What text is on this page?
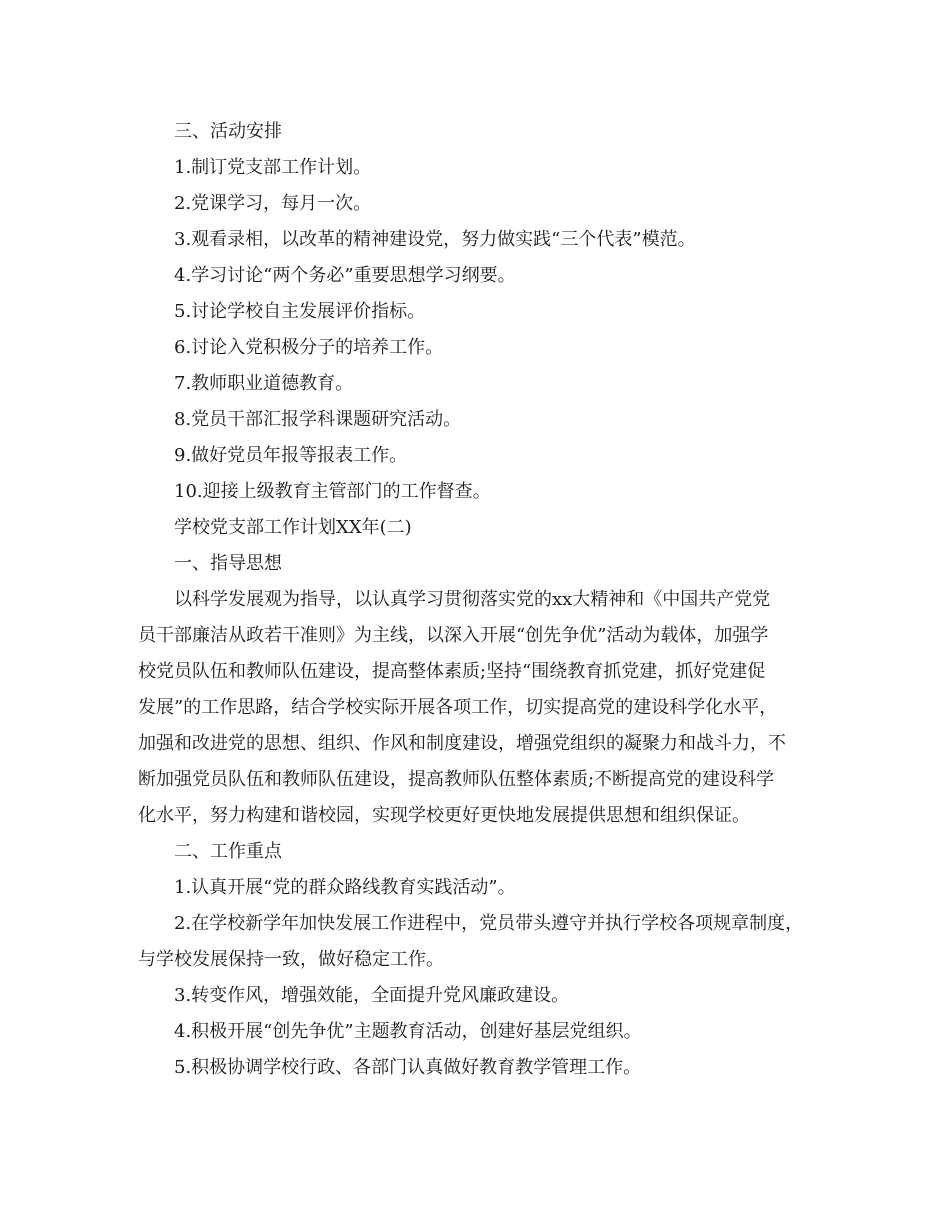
三、活动安排

1.制订党支部工作计划。

2.党课学习，每月一次。

3.观看录相，以改革的精神建设党，努力做实践“三个代表”模范。

4.学习讨论“两个务必”重要思想学习纲要。

5.讨论学校自主发展评价指标。

6.讨论入党积极分子的培养工作。

7.教师职业道德教育。

8.党员干部汇报学科课题研究活动。

9.做好党员年报等报表工作。

10.迎接上级教育主管部门的工作督查。

学校党支部工作计划XX年(二)

一、指导思想

以科学发展观为指导，以认真学习贯彻落实党的xx大精神和《中国共产党党

员干部廉洁从政若干准则》为主线，以深入开展“创先争优”活动为载体，加强学

校党员队伍和教师队伍建设，提高整体素质;坚持“围绕教育抓党建，抓好党建促

发展”的工作思路，结合学校实际开展各项工作，切实提高党的建设科学化水平，

加强和改进党的思想、组织、作风和制度建设，增强党组织的凝聚力和战斗力，不

断加强党员队伍和教师队伍建设，提高教师队伍整体素质;不断提高党的建设科学

化水平，努力构建和谐校园，实现学校更好更快地发展提供思想和组织保证。

二、工作重点

1.认真开展“党的群众路线教育实践活动”。

2.在学校新学年加快发展工作进程中，党员带头遵守并执行学校各项规章制度，

与学校发展保持一致，做好稳定工作。

3.转变作风，增强效能，全面提升党风廉政建设。

4.积极开展“创先争优”主题教育活动，创建好基层党组织。

5.积极协调学校行政、各部门认真做好教育教学管理工作。
